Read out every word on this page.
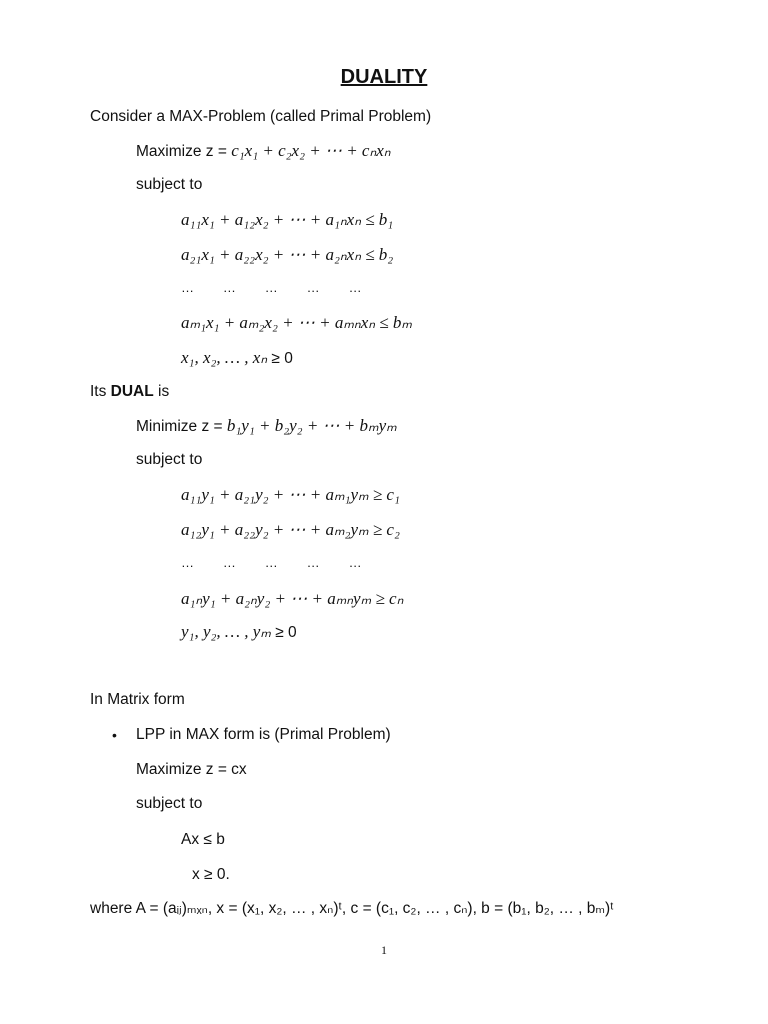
DUALITY
Consider a MAX-Problem (called Primal Problem)
Maximize z = c₁x₁ + c₂x₂ + ⋯ + cₙxₙ
subject to
a₁₁x₁ + a₁₂x₂ + ⋯ + a₁ₙxₙ ≤ b₁
a₂₁x₁ + a₂₂x₂ + ⋯ + a₂ₙxₙ ≤ b₂
…        …        …        …        …
aₘ₁x₁ + aₘ₂x₂ + ⋯ + aₘₙxₙ ≤ bₘ
x₁, x₂, … , xₙ ≥ 0
Its DUAL is
Minimize z = b₁y₁ + b₂y₂ + ⋯ + bₘyₘ
subject to
a₁₁y₁ + a₂₁y₂ + ⋯ + aₘ₁yₘ ≥ c₁
a₁₂y₁ + a₂₂y₂ + ⋯ + aₘ₂yₘ ≥ c₂
…        …        …        …        …
a₁ₙy₁ + a₂ₙy₂ + ⋯ + aₘₙyₘ ≥ cₙ
y₁, y₂, … , yₘ ≥ 0
In Matrix form
• LPP in MAX form is (Primal Problem)
Maximize z = cx
subject to
Ax ≤ b
x ≥ 0.
where A = (aᵢⱼ)ₘₓₙ, x = (x₁, x₂, … , xₙ)ᵗ, c = (c₁, c₂, … , cₙ), b = (b₁, b₂, … , bₘ)ᵗ
1
